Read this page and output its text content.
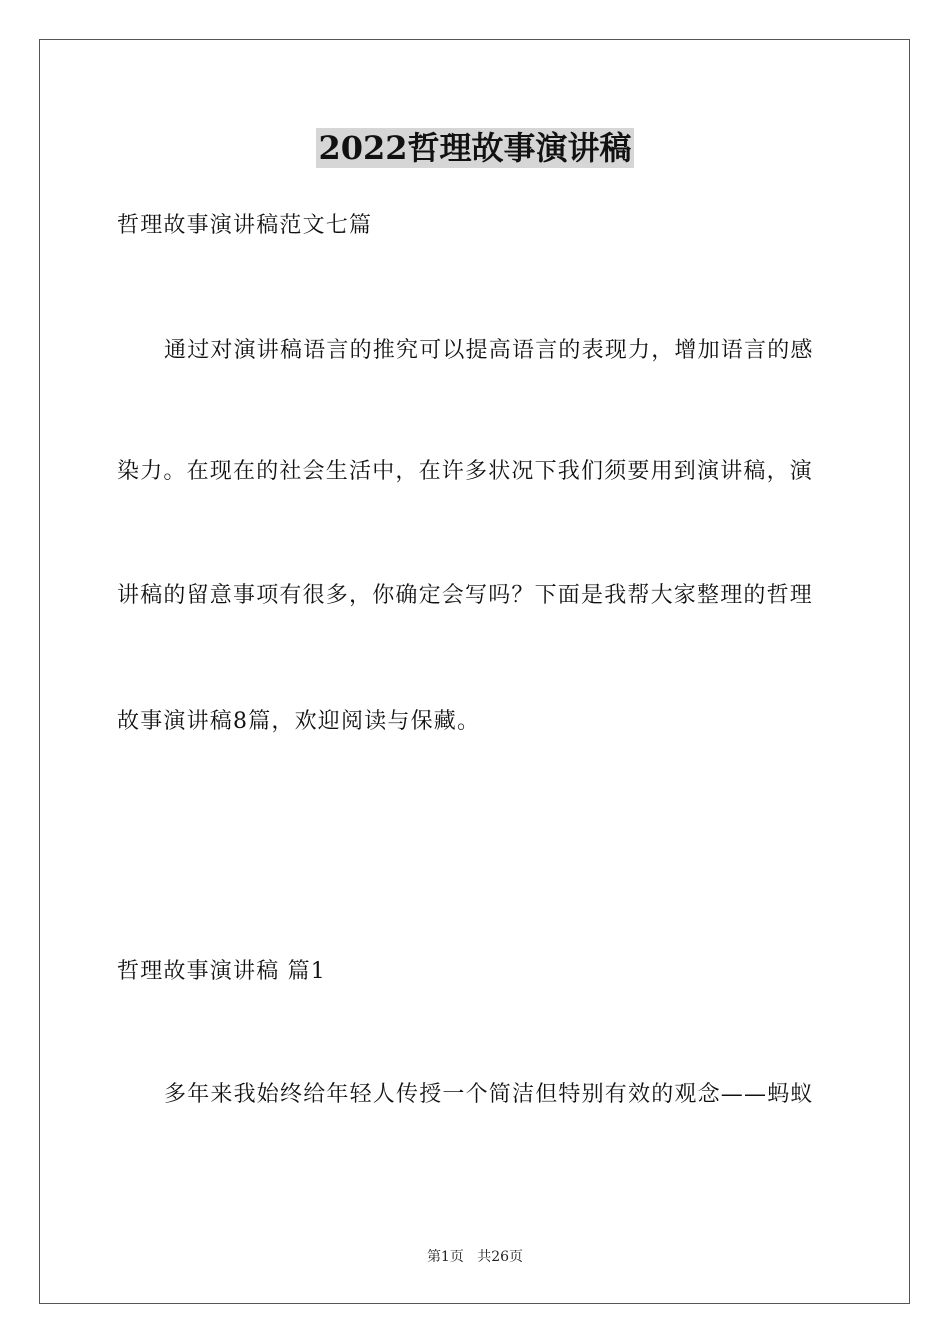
2022哲理故事演讲稿
哲理故事演讲稿范文七篇
通过对演讲稿语言的推究可以提高语言的表现力，增加语言的感
染力。在现在的社会生活中，在许多状况下我们须要用到演讲稿，演
讲稿的留意事项有很多，你确定会写吗？下面是我帮大家整理的哲理
故事演讲稿8篇，欢迎阅读与保藏。
哲理故事演讲稿 篇1
多年来我始终给年轻人传授一个简洁但特别有效的观念——蚂蚁
第1页 共26页
